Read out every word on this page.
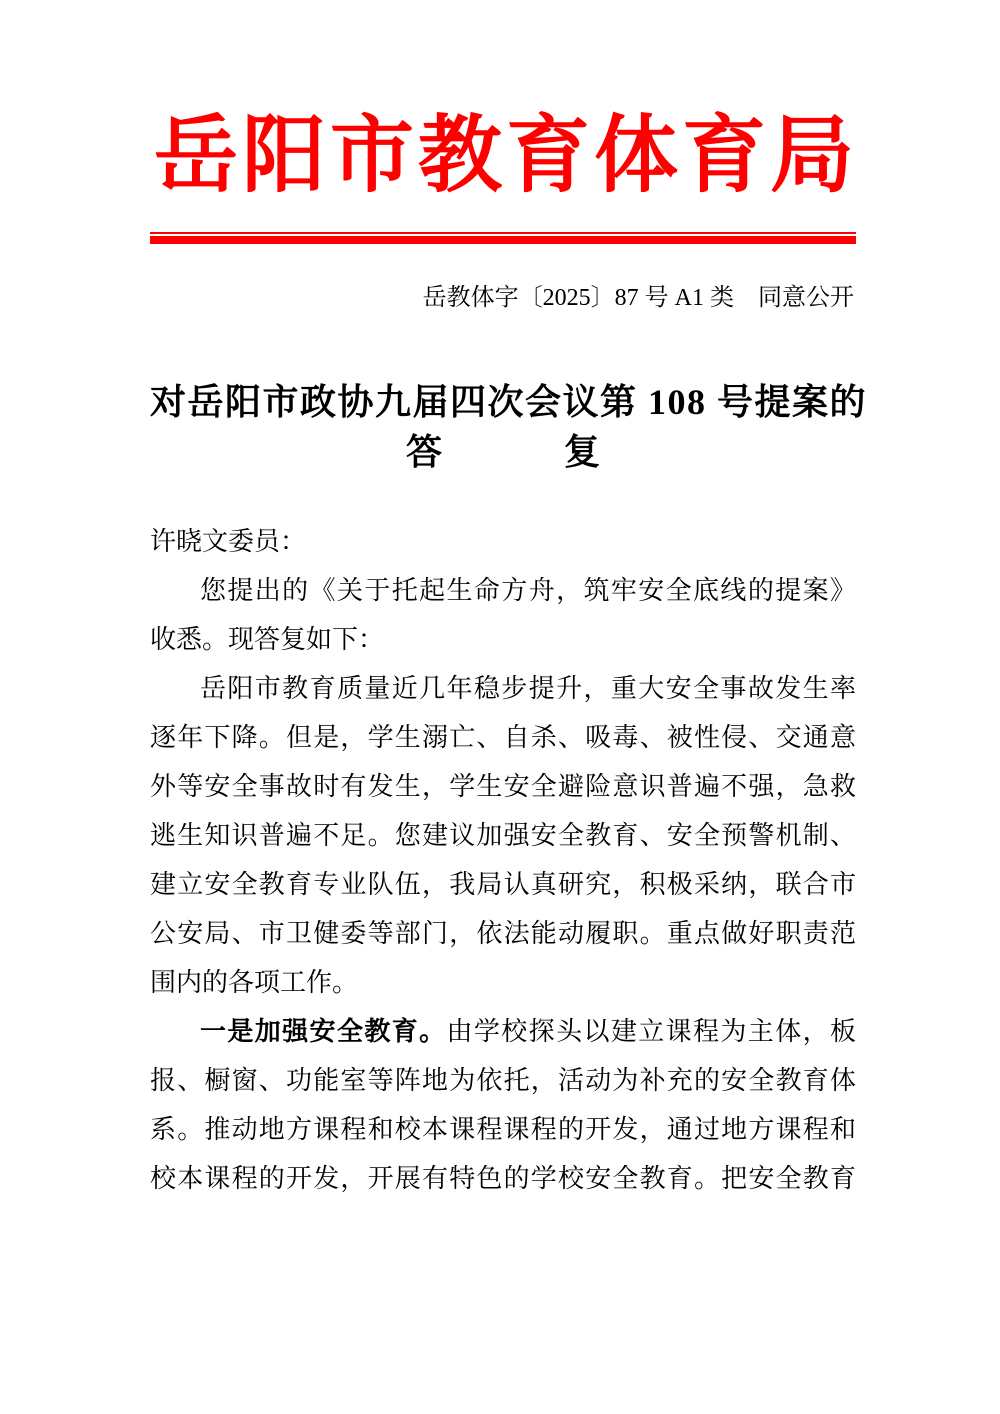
岳阳市教育体育局
岳教体字〔2025〕87 号 A1 类　同意公开
对岳阳市政协九届四次会议第 108 号提案的
答	复
许晓文委员：
您提出的《关于托起生命方舟，筑牢安全底线的提案》
收悉。现答复如下：
岳阳市教育质量近几年稳步提升，重大安全事故发生率
逐年下降。但是，学生溺亡、自杀、吸毒、被性侵、交通意
外等安全事故时有发生，学生安全避险意识普遍不强，急救
逃生知识普遍不足。您建议加强安全教育、安全预警机制、
建立安全教育专业队伍，我局认真研究，积极采纳，联合市
公安局、市卫健委等部门，依法能动履职。重点做好职责范
围内的各项工作。
一是加强安全教育。由学校探头以建立课程为主体，板
报、橱窗、功能室等阵地为依托，活动为补充的安全教育体
系。推动地方课程和校本课程课程的开发，通过地方课程和
校本课程的开发，开展有特色的学校安全教育。把安全教育
